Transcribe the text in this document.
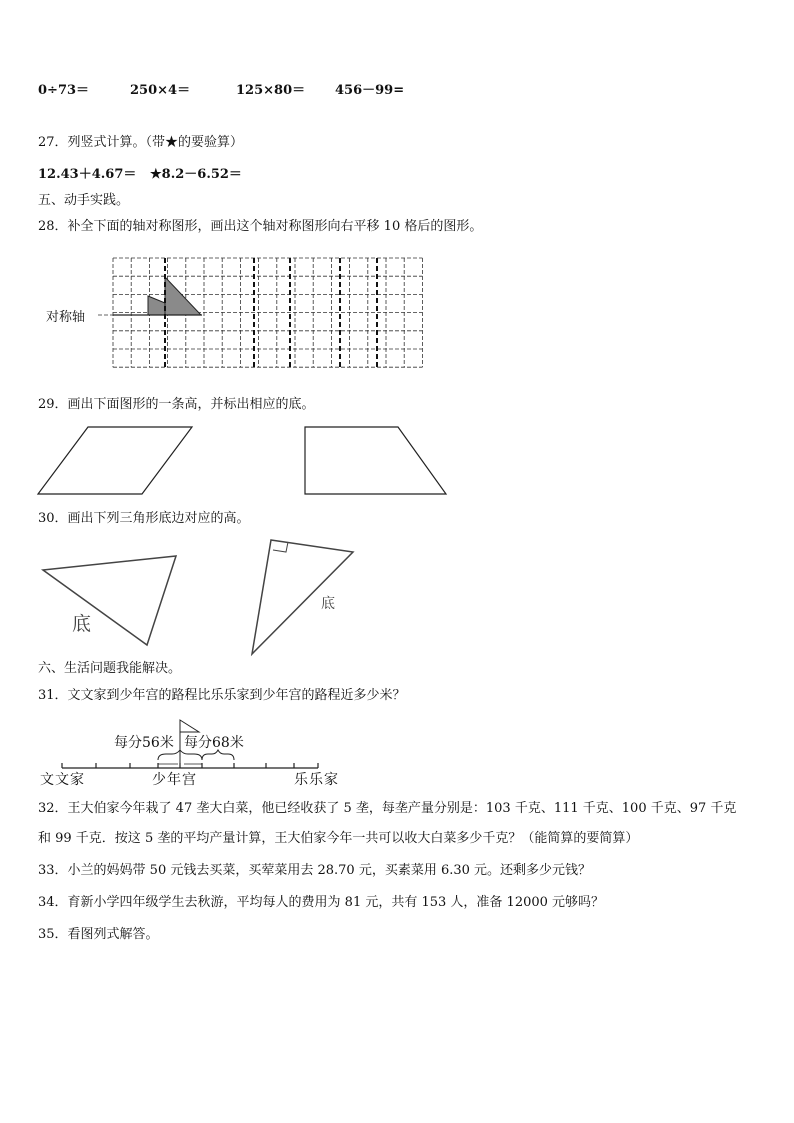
0÷73＝	250×4＝	125×80＝ 456－99=
27．列竖式计算。（带★的要验算）
12.43＋4.67＝ ★8.2－6.52＝
五、动手实践。
28．补全下面的轴对称图形，画出这个轴对称图形向右平移 10 格后的图形。
对称轴
29．画出下面图形的一条高，并标出相应的底。
30．画出下列三角形底边对应的高。
底
底
六、生活问题我能解决。
31．文文家到少年宫的路程比乐乐家到少年宫的路程近多少米？
每分56米 每分68米
文文家	少年宫	乐乐家
32．王大伯家今年栽了 47 垄大白菜，他已经收获了 5 垄，每垄产量分别是：103 千克、111 千克、100 千克、97 千克
和 99 千克．按这 5 垄的平均产量计算，王大伯家今年一共可以收大白菜多少千克？（能简算的要简算）
33．小兰的妈妈带 50 元钱去买菜，买荤菜用去 28.70 元，买素菜用 6.30 元。还剩多少元钱？
34．育新小学四年级学生去秋游，平均每人的费用为 81 元，共有 153 人，准备 12000 元够吗？
35．看图列式解答。
